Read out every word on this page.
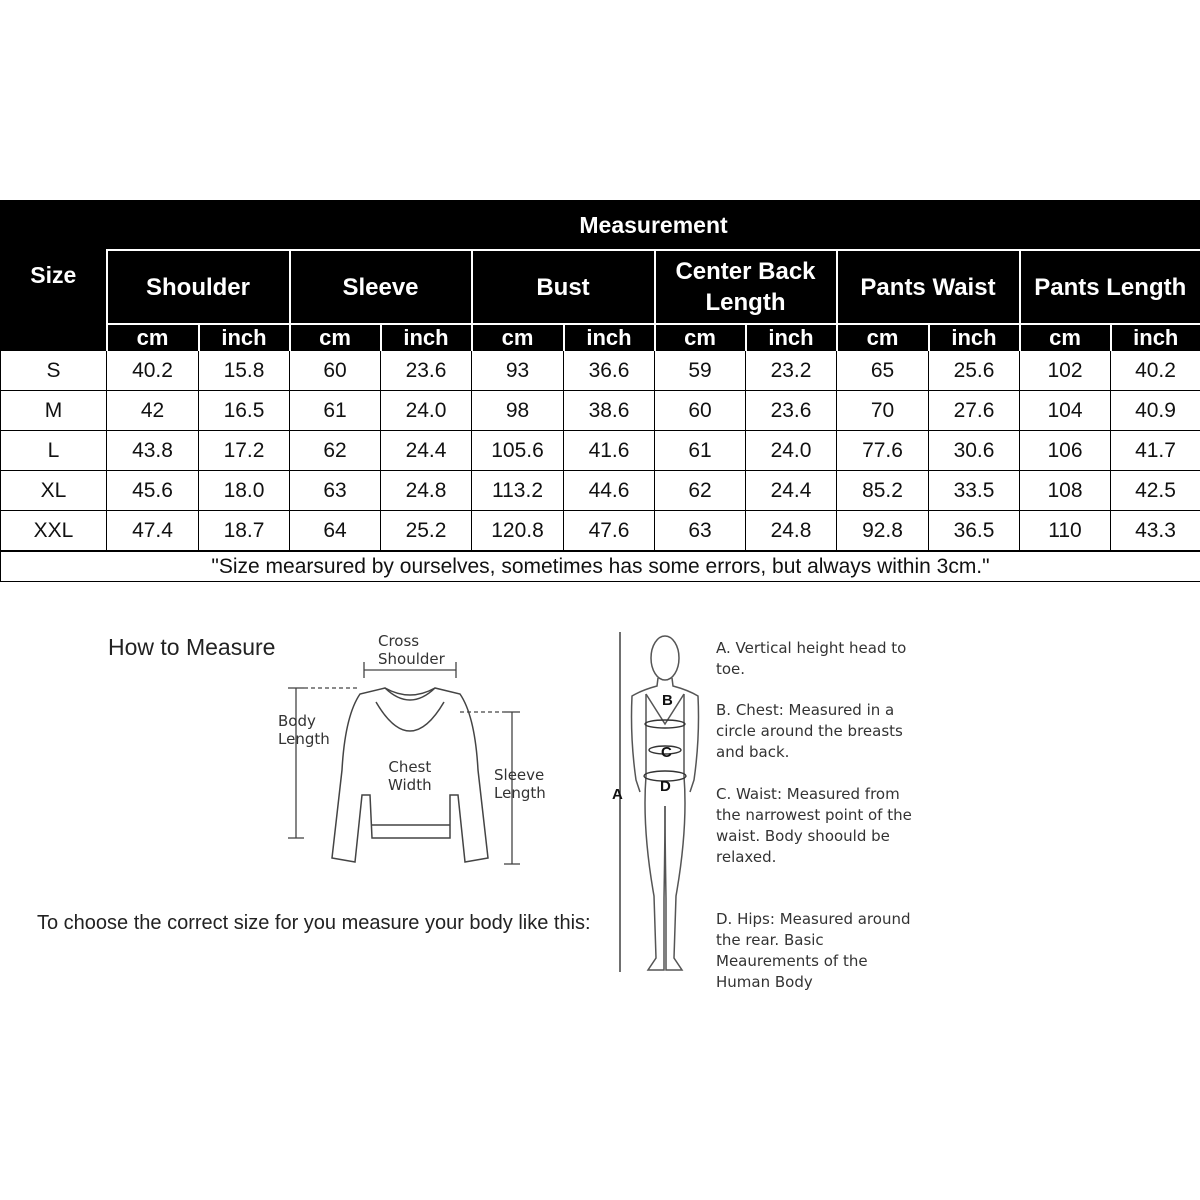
Size	Measurement											
	Shoulder		Sleeve		Bust		Center Back Length		Pants Waist		Pants Length	
	cm	inch	cm	inch	cm	inch	cm	inch	cm	inch	cm	inch
S	40.2	15.8	60	23.6	93	36.6	59	23.2	65	25.6	102	40.2
M	42	16.5	61	24.0	98	38.6	60	23.6	70	27.6	104	40.9
L	43.8	17.2	62	24.4	105.6	41.6	61	24.0	77.6	30.6	106	41.7
XL	45.6	18.0	63	24.8	113.2	44.6	62	24.4	85.2	33.5	108	42.5
XXL	47.4	18.7	64	25.2	120.8	47.6	63	24.8	92.8	36.5	110	43.3
"Size mearsured by ourselves, sometimes has some errors, but always within 3cm."												
How to Measure	Cross
Shoulder
Body
Length
Chest
Width
Sleeve
Length
To choose the correct size for you measure your body like this:
B
C
A D
A. Vertical height head to toe.
B. Chest: Measured in a circle around the breasts and back.
C. Waist: Measured from the narrowest point of the waist. Body shoould be relaxed.
D. Hips: Measured around the rear. Basic Meaurements of the Human Body
